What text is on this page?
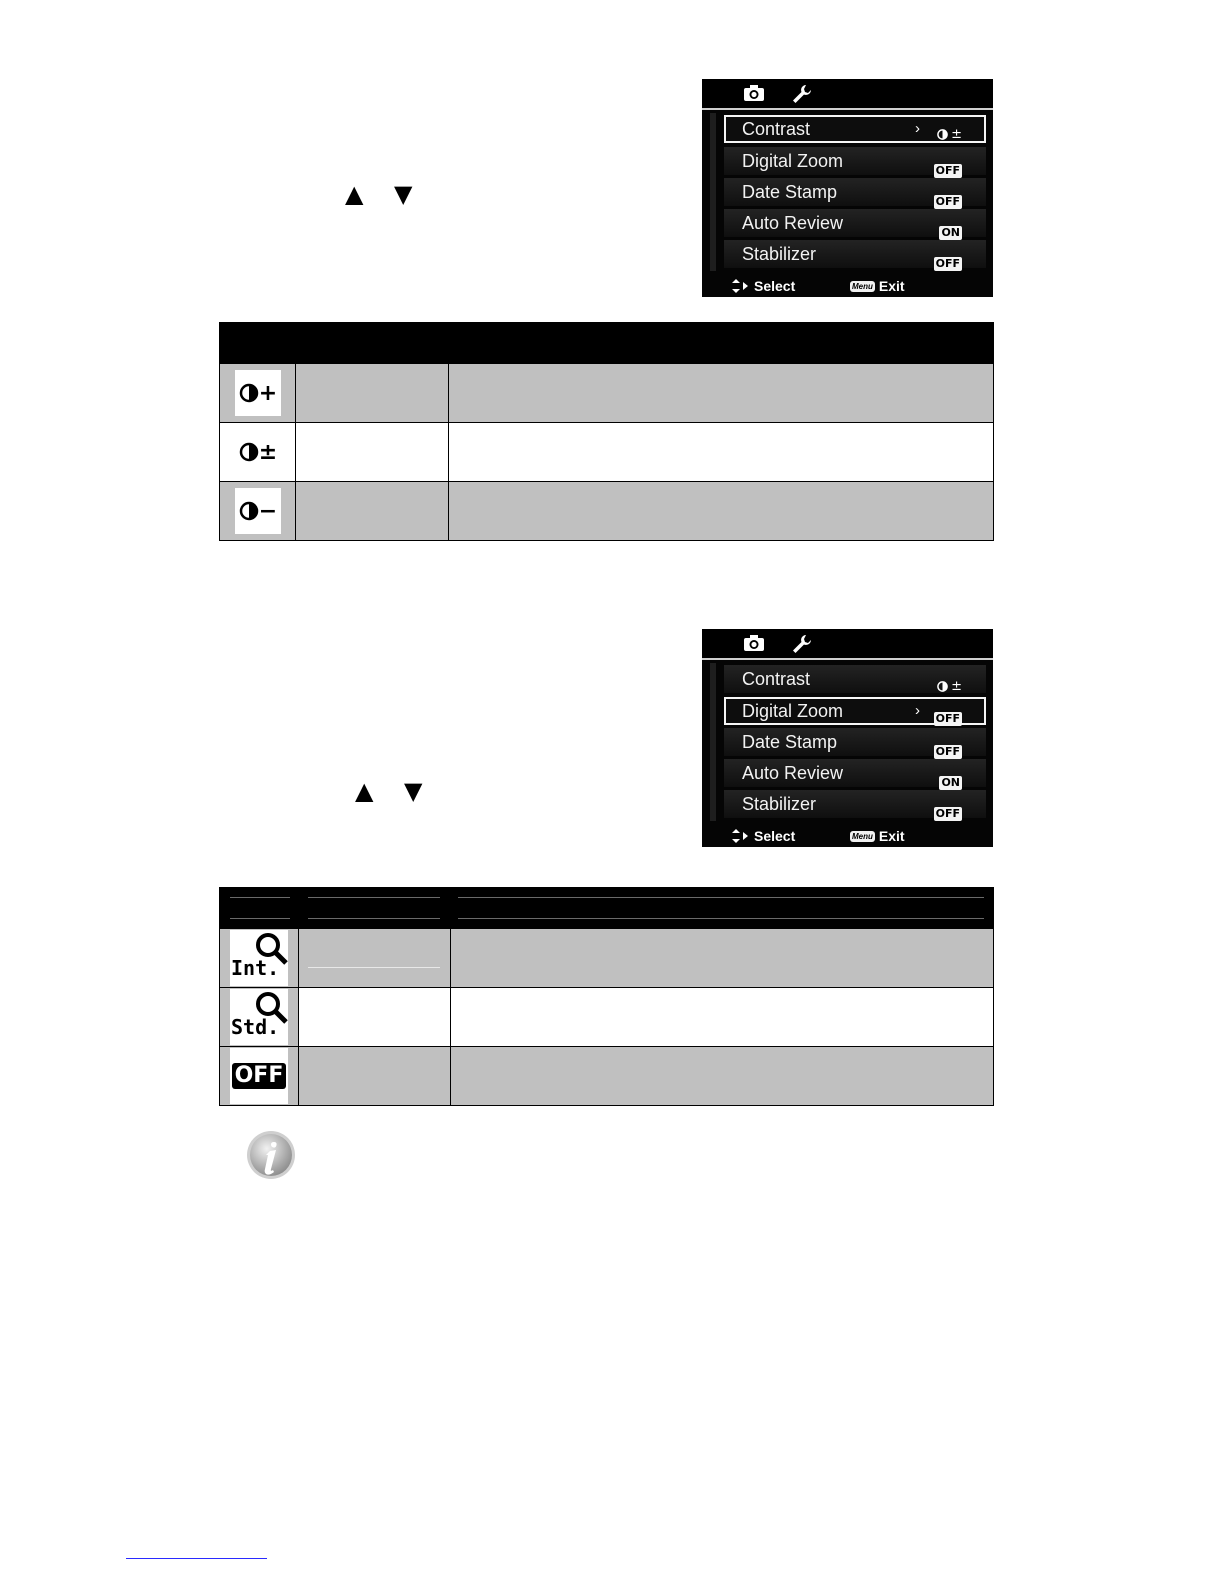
▲ ▼
Contrast	› ±
Digital Zoom	OFF
Date Stamp	OFF
Auto Review	ON
Stabilizer	OFF
Select	Menu Exit
+
±
−
▲ ▼
Contrast	±
Digital Zoom	› OFF
Date Stamp	OFF
Auto Review	ON
Stabilizer	OFF
Select	Menu Exit
Int.
Std.
OFF
